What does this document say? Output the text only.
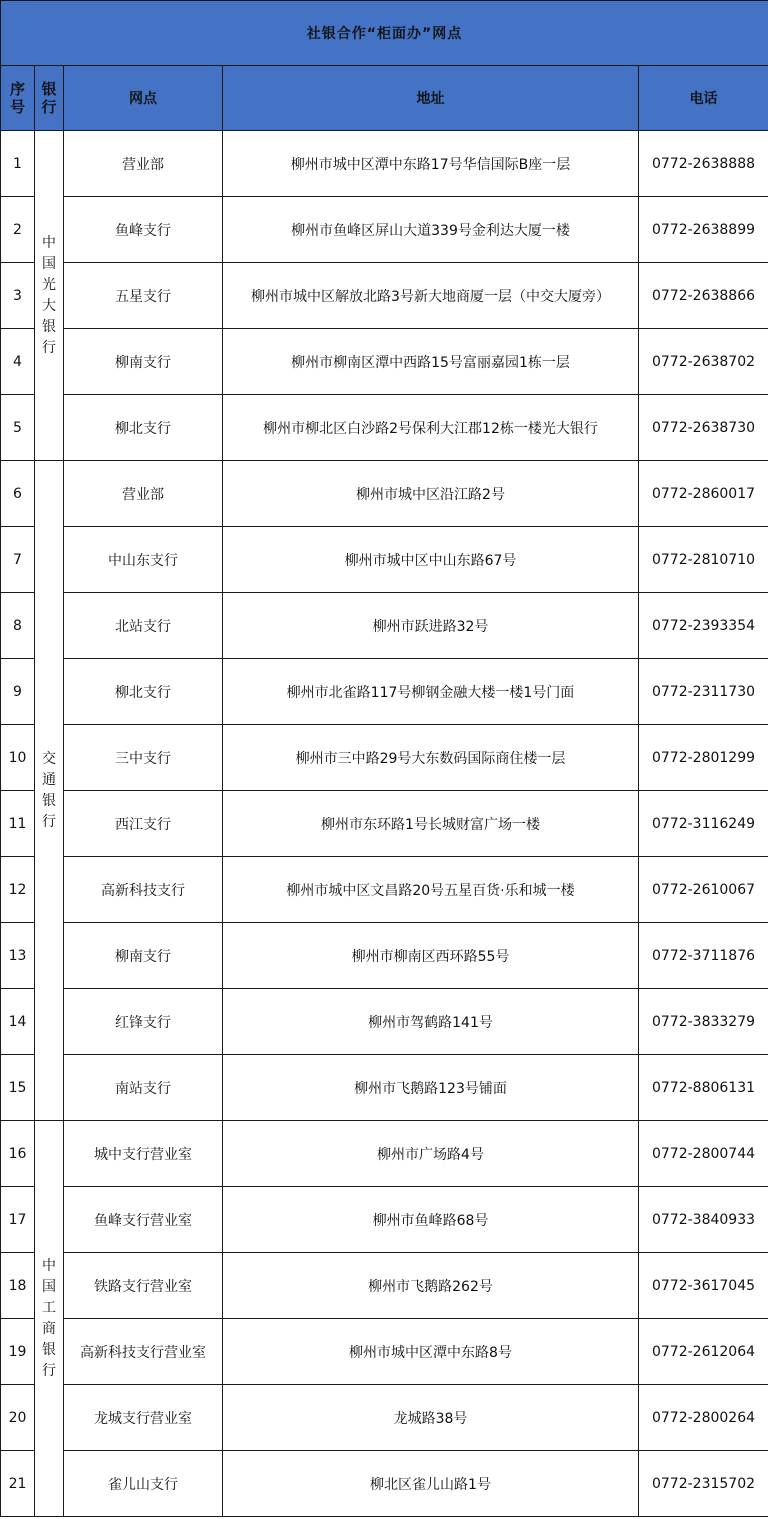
社银合作“柜面办”网点				
序号	银行	网点	地址	电话
1	中国光大银行	营业部	柳州市城中区潭中东路17号华信国际B座一层	0772-2638888
2		鱼峰支行	柳州市鱼峰区屏山大道339号金利达大厦一楼	0772-2638899
3		五星支行	柳州市城中区解放北路3号新大地商厦一层（中交大厦旁）	0772-2638866
4		柳南支行	柳州市柳南区潭中西路15号富丽嘉园1栋一层	0772-2638702
5		柳北支行	柳州市柳北区白沙路2号保利大江郡12栋一楼光大银行	0772-2638730
6	交通银行	营业部	柳州市城中区沿江路2号	0772-2860017
7		中山东支行	柳州市城中区中山东路67号	0772-2810710
8		北站支行	柳州市跃进路32号	0772-2393354
9		柳北支行	柳州市北雀路117号柳钢金融大楼一楼1号门面	0772-2311730
10		三中支行	柳州市三中路29号大东数码国际商住楼一层	0772-2801299
11		西江支行	柳州市东环路1号长城财富广场一楼	0772-3116249
12		高新科技支行	柳州市城中区文昌路20号五星百货·乐和城一楼	0772-2610067
13		柳南支行	柳州市柳南区西环路55号	0772-3711876
14		红锋支行	柳州市驾鹤路141号	0772-3833279
15		南站支行	柳州市飞鹅路123号铺面	0772-8806131
16	中国工商银行	城中支行营业室	柳州市广场路4号	0772-2800744
17		鱼峰支行营业室	柳州市鱼峰路68号	0772-3840933
18		铁路支行营业室	柳州市飞鹅路262号	0772-3617045
19		高新科技支行营业室	柳州市城中区潭中东路8号	0772-2612064
20		龙城支行营业室	龙城路38号	0772-2800264
21		雀儿山支行	柳北区雀儿山路1号	0772-2315702
